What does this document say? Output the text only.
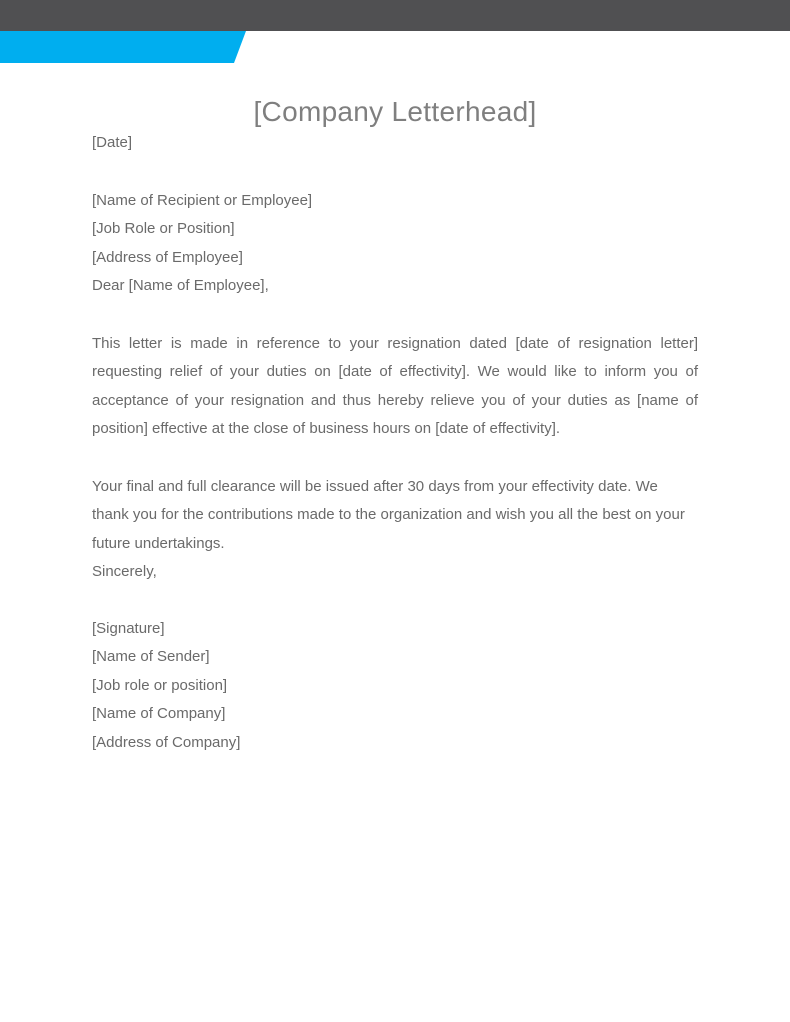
[Company Letterhead]

[Date]

[Name of Recipient or Employee]

[Job Role or Position]

[Address of Employee]

Dear [Name of Employee],

This letter is made in reference to your resignation dated [date of resignation letter] requesting relief of your duties on [date of effectivity]. We would like to inform you of acceptance of your resignation and thus hereby relieve you of your duties as [name of position] effective at the close of business hours on [date of effectivity].

Your final and full clearance will be issued after 30 days from your effectivity date. We thank you for the contributions made to the organization and wish you all the best on your future undertakings.

Sincerely,

[Signature]

[Name of Sender]

[Job role or position]

[Name of Company]

[Address of Company]
